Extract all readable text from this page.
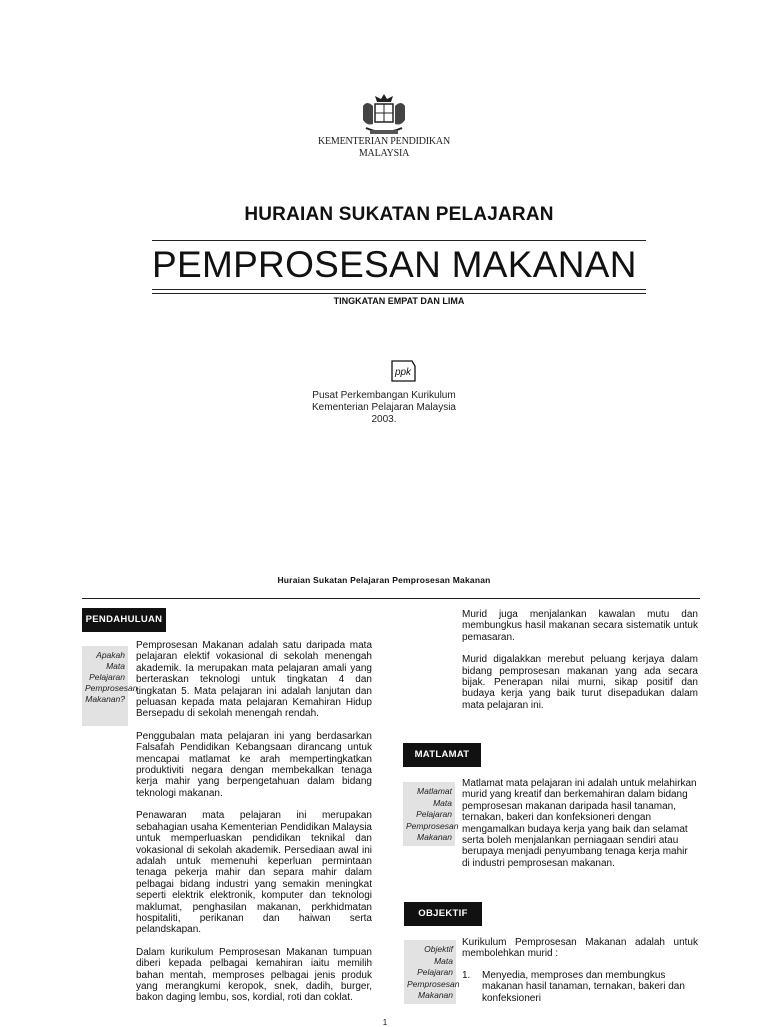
KEMENTERIAN PENDIDIKAN
MALAYSIA
HURAIAN SUKATAN PELAJARAN
PEMPROSESAN MAKANAN
TINGKATAN EMPAT DAN LIMA
ppk
Pusat Perkembangan Kurikulum
Kementerian Pelajaran Malaysia
2003.
Huraian Sukatan Pelajaran Pemprosesan Makanan
PENDAHULUAN
Apakah
Mata
Pelajaran
Pemprosesan
Makanan?

Pemprosesan Makanan adalah satu daripada mata pelajaran elektif vokasional di sekolah menengah akademik. Ia merupakan mata pelajaran amali yang berteraskan teknologi untuk tingkatan 4 dan tingkatan 5. Mata pelajaran ini adalah lanjutan dan peluasan kepada mata pelajaran Kemahiran Hidup Bersepadu di sekolah menengah rendah.

Penggubalan mata pelajaran ini yang berdasarkan Falsafah Pendidikan Kebangsaan dirancang untuk mencapai matlamat ke arah mempertingkatkan produktiviti negara dengan membekalkan tenaga kerja mahir yang berpengetahuan dalam bidang teknologi makanan.

Penawaran mata pelajaran ini merupakan sebahagian usaha Kementerian Pendidikan Malaysia untuk memperluaskan pendidikan teknikal dan vokasional di sekolah akademik. Persediaan awal ini adalah untuk memenuhi keperluan permintaan tenaga pekerja mahir dan separa mahir dalam pelbagai bidang industri yang semakin meningkat seperti elektrik elektronik, komputer dan teknologi maklumat, penghasilan makanan, perkhidmatan hospitaliti, perikanan dan haiwan serta pelandskapan.

Dalam kurikulum Pemprosesan Makanan tumpuan diberi kepada pelbagai kemahiran iaitu memilih bahan mentah, memproses pelbagai jenis produk yang merangkumi keropok, snek, dadih, burger, bakon daging lembu, sos, kordial, roti dan coklat.

Murid juga menjalankan kawalan mutu dan membungkus hasil makanan secara sistematik untuk pemasaran.

Murid digalakkan merebut peluang kerjaya dalam bidang pemprosesan makanan yang ada secara bijak. Penerapan nilai murni, sikap positif dan budaya kerja yang baik turut disepadukan dalam mata pelajaran ini.

MATLAMAT
Matlamat
Mata
Pelajaran
Pemprosesan
Makanan

Matlamat mata pelajaran ini adalah untuk melahirkan murid yang kreatif dan berkemahiran dalam bidang pemprosesan makanan daripada hasil tanaman, ternakan, bakeri dan konfeksioneri dengan mengamalkan budaya kerja yang baik dan selamat serta boleh menjalankan perniagaan sendiri atau berupaya menjadi penyumbang tenaga kerja mahir di industri pemprosesan makanan.

OBJEKTIF
Objektif
Mata
Pelajaran
Pemprosesan
Makanan

Kurikulum Pemprosesan Makanan adalah untuk membolehkan murid :

1. Menyedia, memproses dan membungkus makanan hasil tanaman, ternakan, bakeri dan konfeksioneri
1
